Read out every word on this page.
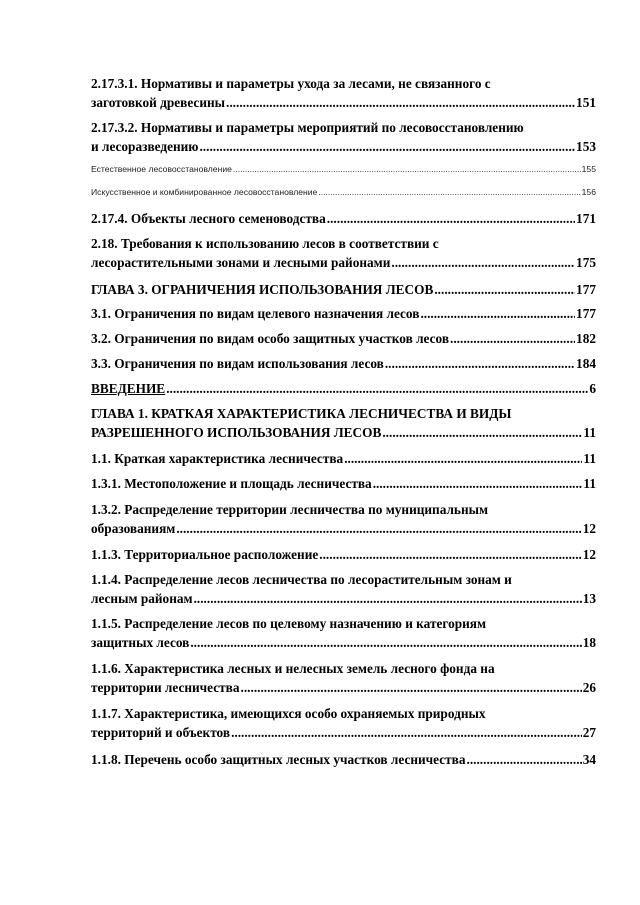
2.17.3.1. Нормативы и параметры ухода за лесами, не связанного с
заготовкой древесины .....	151
2.17.3.2. Нормативы и параметры мероприятий по лесовосстановлению
и лесоразведению .....	153
Естественное лесовосстановление .....	155
Искусственное и комбинированное лесовосстановление .....	156
2.17.4. Объекты лесного семеноводства .....	171
2.18. Требования к использованию лесов в соответствии с
лесорастительными зонами и лесными районами .....	175
ГЛАВА 3. ОГРАНИЧЕНИЯ ИСПОЛЬЗОВАНИЯ ЛЕСОВ .....	177
3.1. Ограничения по видам целевого назначения лесов .....	177
3.2. Ограничения по видам особо защитных участков лесов .....	182
3.3. Ограничения по видам использования лесов .....	184
ВВЕДЕНИЕ .....	6
ГЛАВА 1. КРАТКАЯ ХАРАКТЕРИСТИКА ЛЕСНИЧЕСТВА И ВИДЫ
РАЗРЕШЕННОГО ИСПОЛЬЗОВАНИЯ ЛЕСОВ .....	11
1.1. Краткая характеристика лесничества .....	11
1.3.1. Местоположение и площадь лесничества .....	11
1.3.2. Распределение территории лесничества по муниципальным
образованиям .....	12
1.1.3. Территориальное расположение .....	12
1.1.4. Распределение лесов лесничества по лесорастительным зонам и
лесным районам .....	13
1.1.5. Распределение лесов по целевому назначению и категориям
защитных лесов .....	18
1.1.6. Характеристика лесных и нелесных земель лесного фонда на
территории лесничества .....	26
1.1.7. Характеристика, имеющихся особо охраняемых природных
территорий и объектов .....	27
1.1.8. Перечень особо защитных лесных участков лесничества .....	34
